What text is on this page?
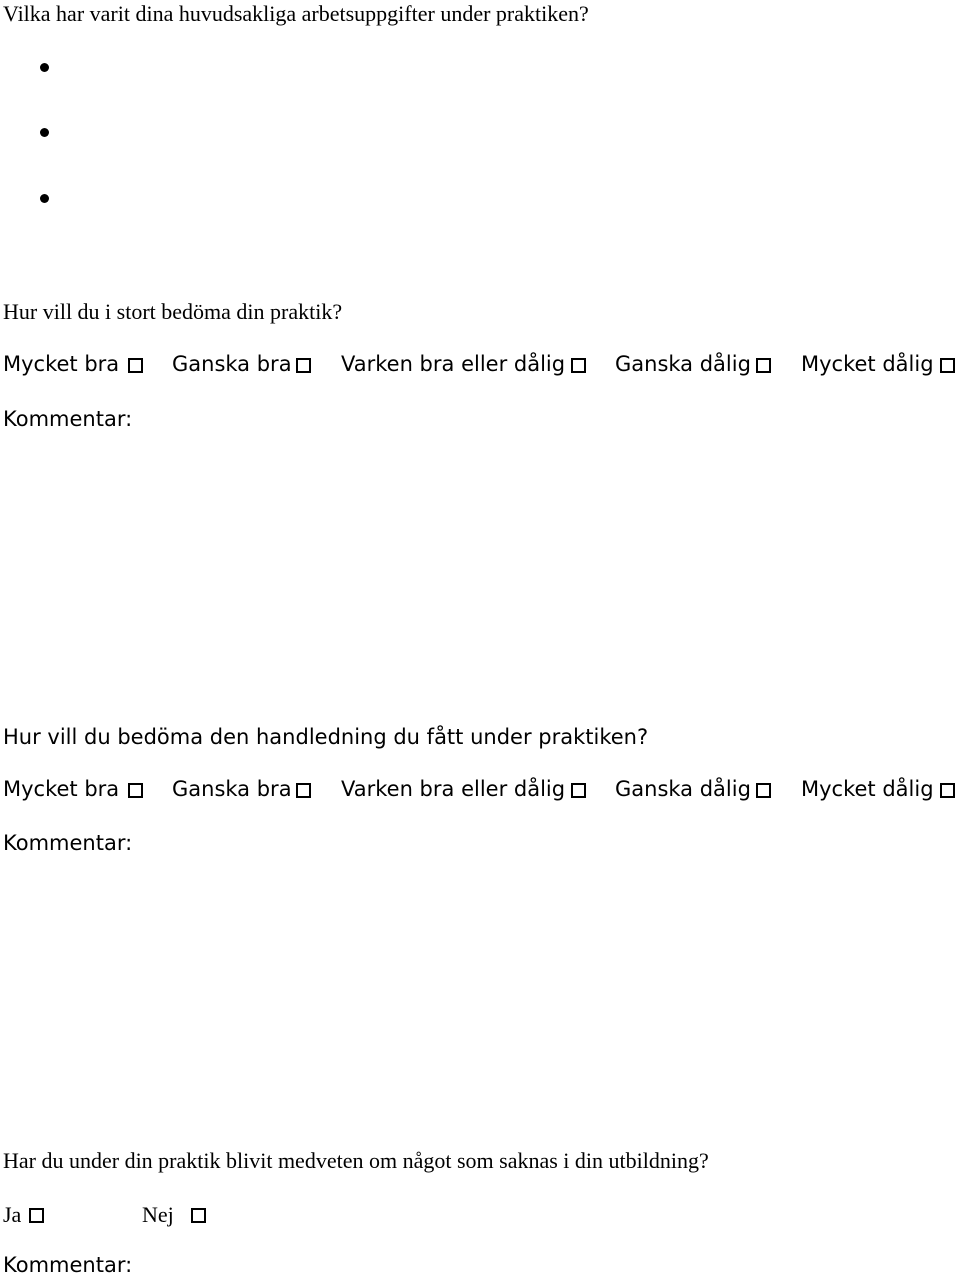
Vilka har varit dina huvudsakliga arbetsuppgifter under praktiken?
Hur vill du i stort bedöma din praktik?
Mycket bra	Ganska bra Varken bra eller dålig Ganska dålig Mycket dålig
Kommentar:
Hur vill du bedöma den handledning du fått under praktiken?
Mycket bra	Ganska bra Varken bra eller dålig Ganska dålig Mycket dålig
Kommentar:
Har du under din praktik blivit medveten om något som saknas i din utbildning?
Ja	Nej
Kommentar:
